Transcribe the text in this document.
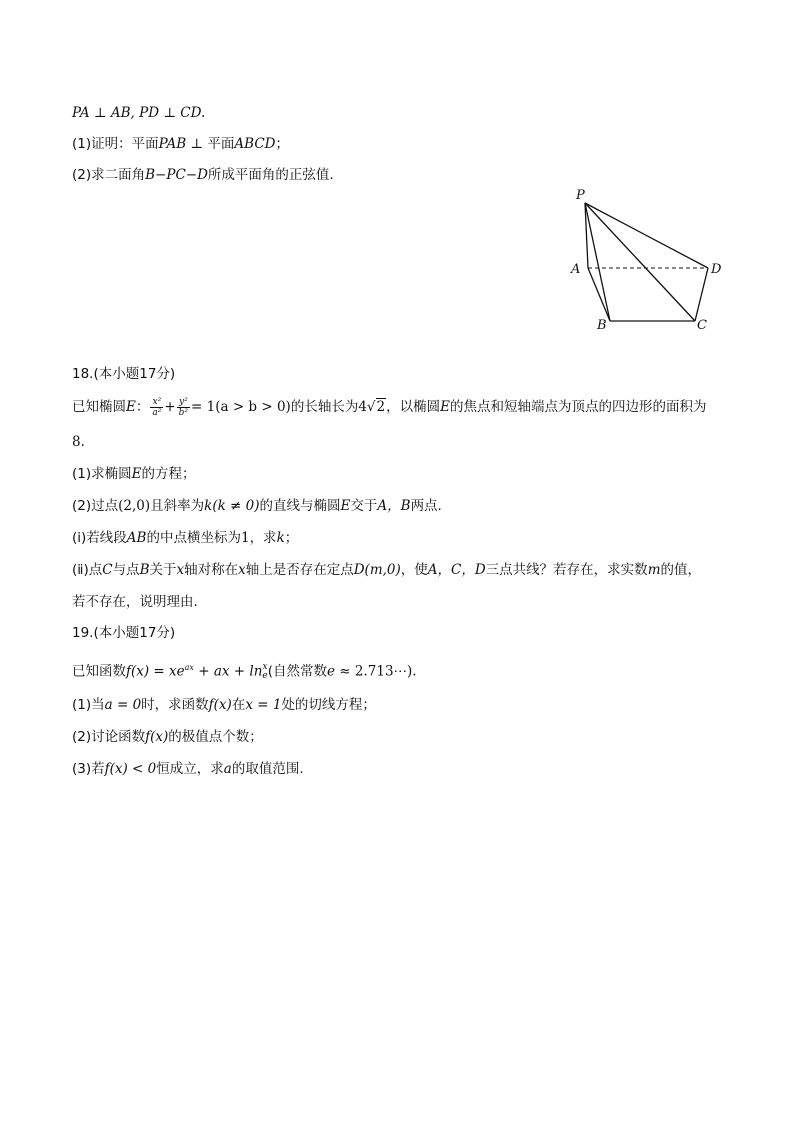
PA ⊥ AB, PD ⊥ CD.
(1)证明：平面PAB ⊥ 平面ABCD；
(2)求二面角B−PC−D所成平面角的正弦值.
P
A	D
B	C
18.(本小题17分)
已知椭圆E： $\frac{\text{x²}}{\text{a²}} + \frac{\text{y²}}{\text{b²}} = 1(a > b > 0)$的长轴长为4√2，以椭圆E的焦点和短轴端点为顶点的四边形的面积为
8.
(1)求椭圆E的方程；
(2)过点(2,0)且斜率为k(k ≠ 0)的直线与椭圆E交于A，B两点.
(ⅰ)若线段AB的中点横坐标为1，求k；
(ⅱ)点C与点B关于x轴对称在x轴上是否存在定点D(m,0)，使A，C，D三点共线？若存在，求实数m的值，
若不存在，说明理由.
19.(本小题17分)
已知函数$f(x) = xe^{ax}$ + ax + ln x
e (自然常数e ≈ 2.713⋯).
(1)当a = 0时，求函数f(x)在x = 1处的切线方程；
(2)讨论函数f(x)的极值点个数；
(3)若f(x) < 0恒成立，求a的取值范围.
